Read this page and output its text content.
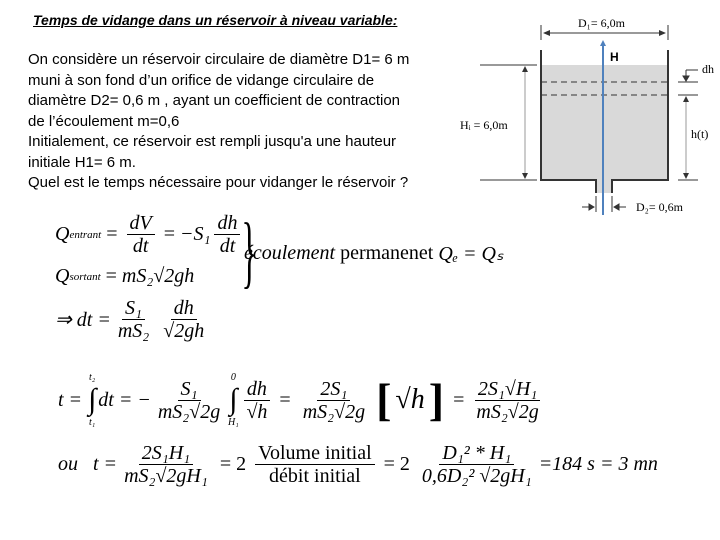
Temps de vidange dans un réservoir à niveau variable:
On considère un réservoir circulaire de diamètre D1= 6 m
muni à son fond d’un orifice de vidange circulaire de
diamètre D2= 0,6 m , ayant un coefficient de contraction
de l’écoulement m=0,6
Initialement, ce réservoir est rempli jusqu'a une hauteur
initiale H1= 6 m.
Quel est le temps nécessaire pour vidanger le réservoir ?
D₁= 6,0m
H
Hᵢ = 6,0m
dh
h(t)
D₂= 0,6m
Q entrant = $\frac{dV}{dt} = -S_1 \frac{dh}{dt}$
Q sortant = mS₂√2gh }
écoulement
permanenet
Qₑ = Qₛ
⇒ dt = $\frac{\text{S₁}}{\text{mS₂}} \frac{dh}{√2gh}$
t =
t₂
∫
t₁
dt = − $\frac{\text{S₁}}{\text{mS₂√2g}} 0$
∫
$H_1 \frac{dh}{√h} = \frac{\text{2S₁}}{\text{mS₂√2g}}$ [ √h ] = $\frac{\text{2S₁√H₁}}{\text{mS₂√2g}}$
ou
$t = \frac{\text{2S₁H₁}}{\text{mS₂√2gH₁}} = 2 \frac{\text{Volume initial}}{\text{débit initial}} = 2 \frac{\text{D₁² * H₁}}{\text{0,6D₂² √2gH₁}} =184$ s = 3 mn
